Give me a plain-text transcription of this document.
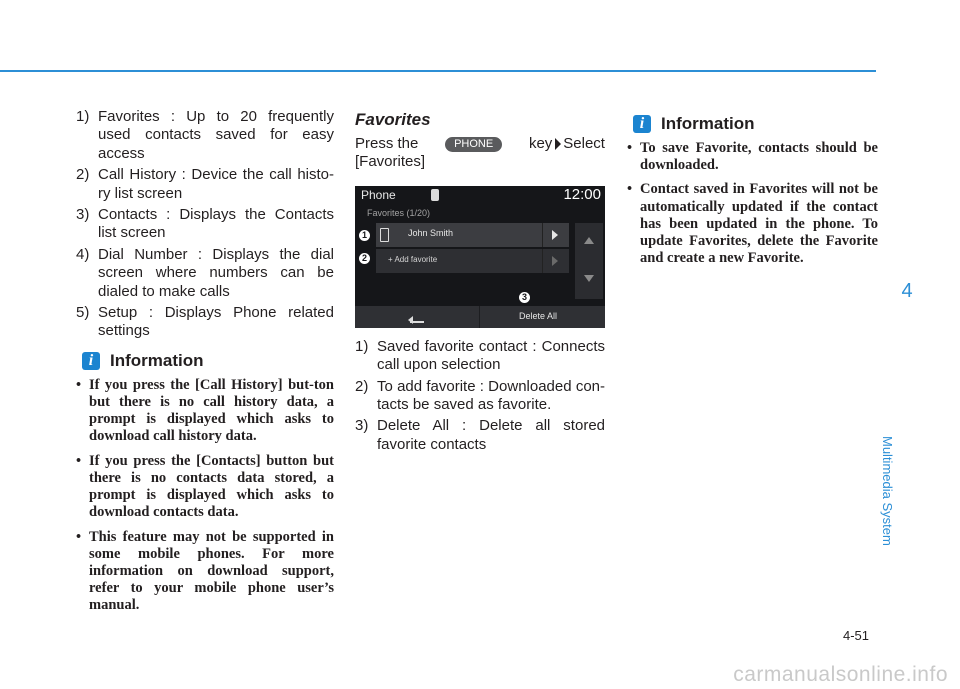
1) Favorites : Up to 20 frequently used contacts saved for easy access
2) Call History : Device the call histo-ry list screen
3) Contacts : Displays the Contacts list screen
4) Dial Number : Displays the dial screen where numbers can be dialed to make calls
5) Setup : Displays Phone related settings
i Information
• If you press the [Call History] but-ton but there is no call history data, a prompt is displayed which asks to download call history data.
• If you press the [Contacts] button but there is no contacts data stored, a prompt is displayed which asks to download contacts data.
• This feature may not be supported in some mobile phones. For more information on download support, refer to your mobile phone user’s manual.
Favorites
Press the	PHONE	key Select
[Favorites]
Phone	12:00
Favorites (1/20)
John Smith
+ Add favorite
Delete All
1
2
3
1) Saved favorite contact : Connects call upon selection
2) To add favorite : Downloaded con-tacts be saved as favorite.
3) Delete All : Delete all stored favorite contacts
i Information
• To save Favorite, contacts should be downloaded.
• Contact saved in Favorites will not be automatically updated if the contact has been updated in the phone. To update Favorites, delete the Favorite and create a new Favorite.
4
Multimedia System
4-51
carmanualsonline.info
